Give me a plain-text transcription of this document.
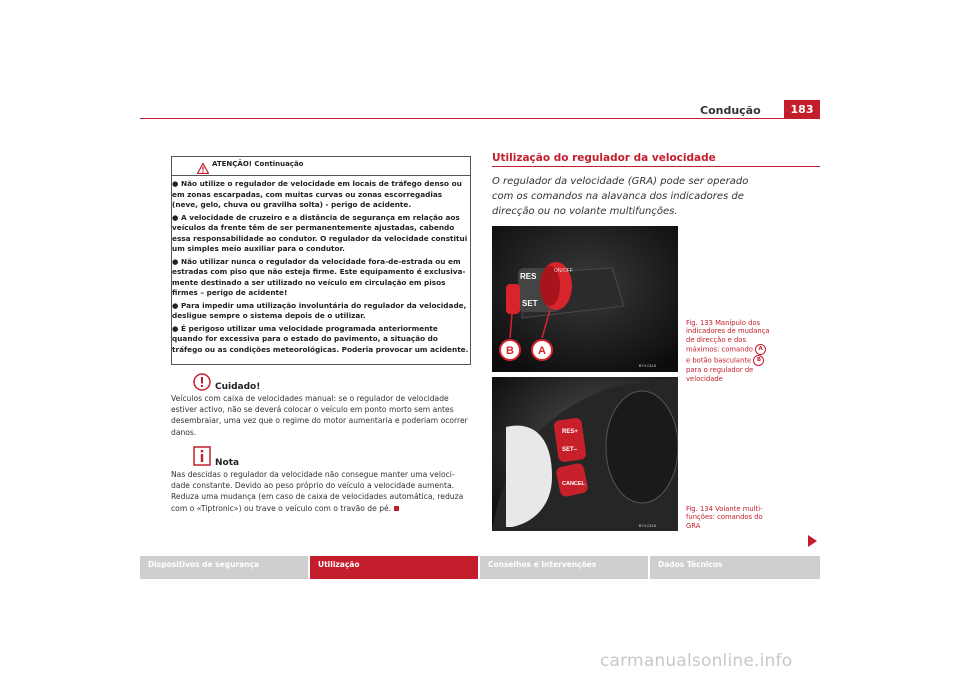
Condução	183
ATENÇÃO! Continuação

● Não utilize o regulador de velocidade em locais de tráfego denso ou em zonas escarpadas, com muitas curvas ou zonas escorregadias (neve, gelo, chuva ou gravilha solta) - perigo de acidente.

● A velocidade de cruzeiro e a distância de segurança em relação aos veículos da frente têm de ser permanentemente ajustadas, cabendo essa responsabilidade ao condutor. O regulador da velocidade constitui um simples meio auxiliar para o condutor.

● Não utilizar nunca o regulador da velocidade fora-de-estrada ou em estradas com piso que não esteja firme. Este equipamento é exclusiva-mente destinado a ser utilizado no veículo em circulação em pisos firmes – perigo de acidente!

● Para impedir uma utilização involuntária do regulador da velocidade, desligue sempre o sistema depois de o utilizar.

● É perigoso utilizar uma velocidade programada anteriormente quando for excessiva para o estado do pavimento, a situação do tráfego ou as condições meteorológicas. Poderia provocar um acidente.

Cuidado!
Veículos com caixa de velocidades manual: se o regulador de velocidade estiver activo, não se deverá colocar o veículo em ponto morto sem antes desembraiar, uma vez que o regime do motor aumentaria e poderiam ocorrer danos.
Nota
Nas descidas o regulador da velocidade não consegue manter uma veloci-dade constante. Devido ao peso próprio do veículo a velocidade aumenta. Reduza uma mudança (em caso de caixa de velocidades automática, reduza com o «Tiptronic») ou trave o veículo com o travão de pé.
Utilização do regulador da velocidade
O regulador da velocidade (GRA) pode ser operado com os comandos na alavanca dos indicadores de direcção ou no volante multifunções.
B A
RES
SET
ON/OFF
B7V-0115
Fig. 133 Manípulo dos indicadores de mudança de direcção e dos máximos: comando A e botão basculante B para o regulador de velocidade
RES+
SET–
CANCEL
B7V-0116
Fig. 134 Volante multi-funções: comandos do GRA
Dispositivos de segurança	Utilização	Conselhos e Intervenções	Dados Técnicos
carmanualsonline.info
